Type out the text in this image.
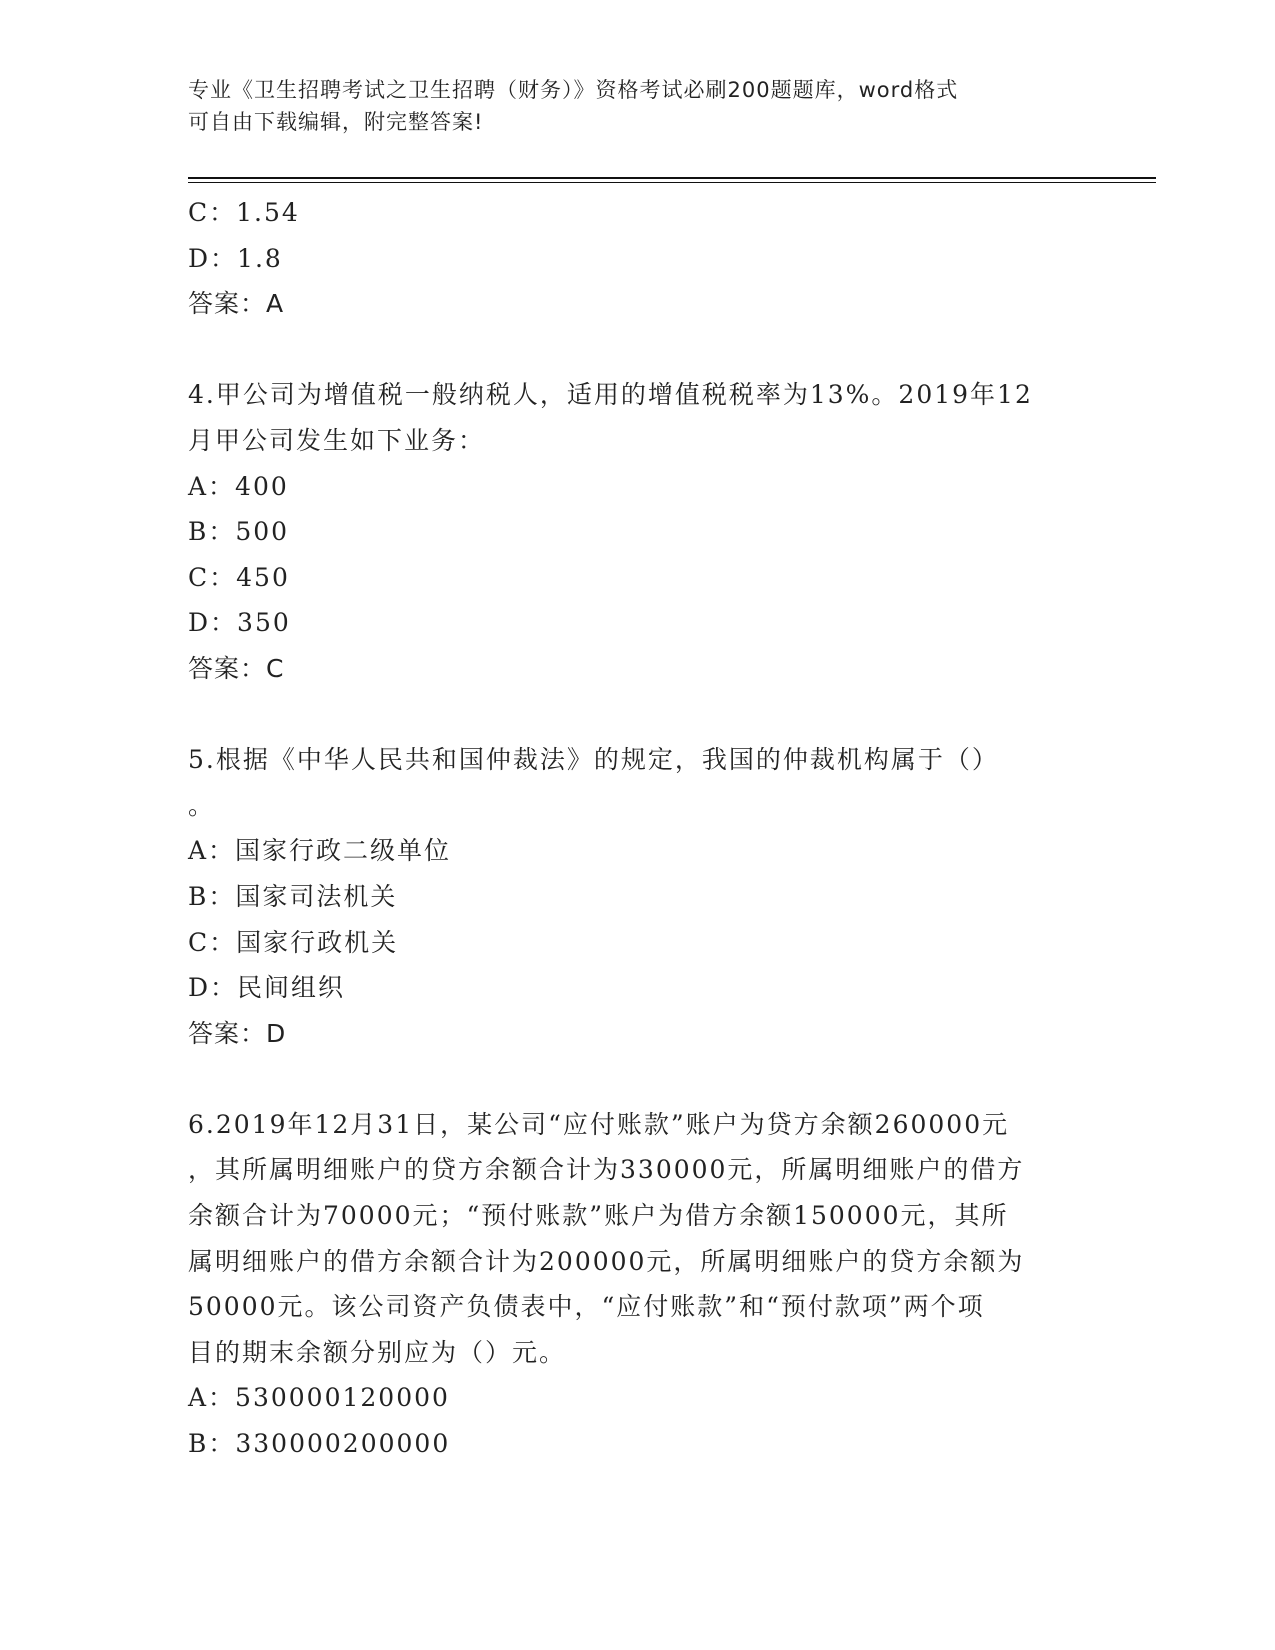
专业《卫生招聘考试之卫生招聘（财务）》资格考试必刷200题题库，word格式
可自由下载编辑，附完整答案!
C：1.54
D：1.8
答案：A
4.甲公司为增值税一般纳税人，适用的增值税税率为13%。2019年12
月甲公司发生如下业务：
A：400
B：500
C：450
D：350
答案：C
5.根据《中华人民共和国仲裁法》的规定，我国的仲裁机构属于（）
。
A：国家行政二级单位
B：国家司法机关
C：国家行政机关
D：民间组织
答案：D
6.2019年12月31日，某公司“应付账款”账户为贷方余额260000元
，其所属明细账户的贷方余额合计为330000元，所属明细账户的借方
余额合计为70000元；“预付账款”账户为借方余额150000元，其所
属明细账户的借方余额合计为200000元，所属明细账户的贷方余额为
50000元。该公司资产负债表中，“应付账款”和“预付款项”两个项
目的期末余额分别应为（）元。
A：530000120000
B：330000200000
